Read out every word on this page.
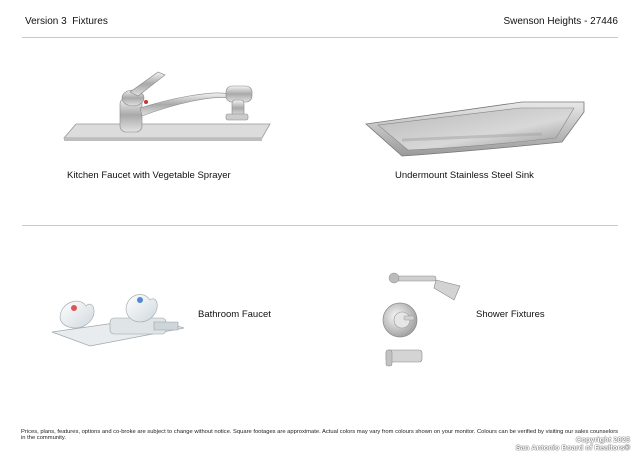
Version 3  Fixtures	Swenson Heights - 27446
Kitchen Faucet with Vegetable Sprayer	Undermount Stainless Steel Sink
Bathroom Faucet	Shower Fixtures
Prices, plans, features, options and co-broke are subject to change without notice. Square footages are approximate. Actual colors may vary from colours shown on your monitor. Colours can be verified by visiting our sales counselors in the community.	Copyright 2025
San Antonio Board of Realtors®
